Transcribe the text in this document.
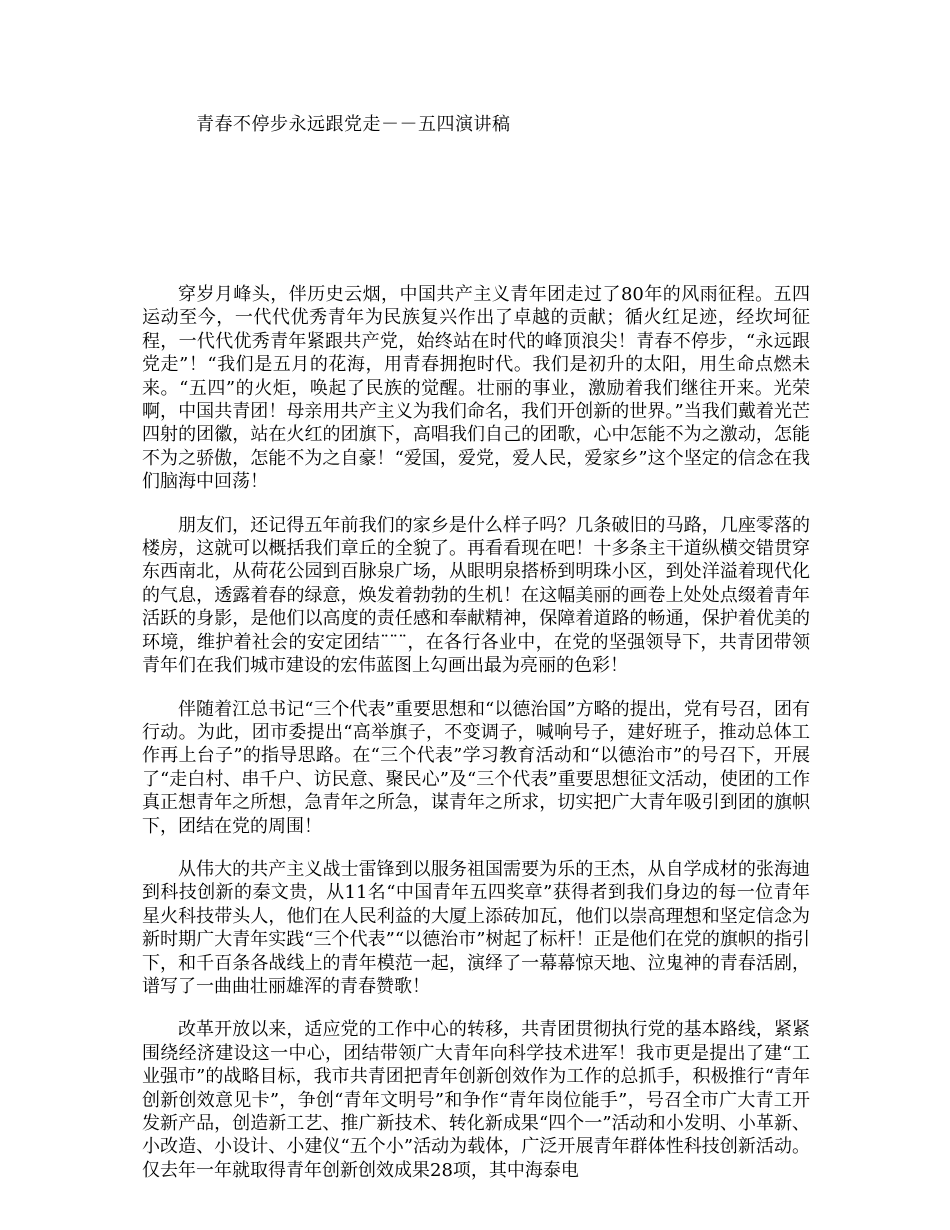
青春不停步永远跟党走－－五四演讲稿

穿岁月峰头，伴历史云烟，中国共产主义青年团走过了80年的风雨征程。五四运动至今，一代代优秀青年为民族复兴作出了卓越的贡献；循火红足迹，经坎坷征程，一代代优秀青年紧跟共产党，始终站在时代的峰顶浪尖！青春不停步，“永远跟党走”！“我们是五月的花海，用青春拥抱时代。我们是初升的太阳，用生命点燃未来。“五四”的火炬，唤起了民族的觉醒。壮丽的事业，激励着我们继往开来。光荣啊，中国共青团！母亲用共产主义为我们命名，我们开创新的世界。”当我们戴着光芒四射的团徽，站在火红的团旗下，高唱我们自己的团歌，心中怎能不为之激动，怎能不为之骄傲，怎能不为之自豪！“爱国，爱党，爱人民，爱家乡”这个坚定的信念在我们脑海中回荡！

朋友们，还记得五年前我们的家乡是什么样子吗？几条破旧的马路，几座零落的楼房，这就可以概括我们章丘的全貌了。再看看现在吧！十多条主干道纵横交错贯穿东西南北，从荷花公园到百脉泉广场，从眼明泉搭桥到明珠小区，到处洋溢着现代化的气息，透露着春的绿意，焕发着勃勃的生机！在这幅美丽的画卷上处处点缀着青年活跃的身影，是他们以高度的责任感和奉献精神，保障着道路的畅通，保护着优美的环境，维护着社会的安定团结¨¨¨，在各行各业中，在党的坚强领导下，共青团带领青年们在我们城市建设的宏伟蓝图上勾画出最为亮丽的色彩！

伴随着江总书记“三个代表”重要思想和“以德治国”方略的提出，党有号召，团有行动。为此，团市委提出“高举旗子，不变调子，喊响号子，建好班子，推动总体工作再上台子”的指导思路。在“三个代表”学习教育活动和“以德治市”的号召下，开展了“走白村、串千户、访民意、聚民心”及“三个代表”重要思想征文活动，使团的工作真正想青年之所想，急青年之所急，谋青年之所求，切实把广大青年吸引到团的旗帜下，团结在党的周围！

从伟大的共产主义战士雷锋到以服务祖国需要为乐的王杰，从自学成材的张海迪到科技创新的秦文贵，从11名“中国青年五四奖章”获得者到我们身边的每一位青年星火科技带头人，他们在人民利益的大厦上添砖加瓦，他们以崇高理想和坚定信念为新时期广大青年实践“三个代表”“以德治市”树起了标杆！正是他们在党的旗帜的指引下，和千百条各战线上的青年模范一起，演绎了一幕幕惊天地、泣鬼神的青春活剧，谱写了一曲曲壮丽雄浑的青春赞歌！

改革开放以来，适应党的工作中心的转移，共青团贯彻执行党的基本路线，紧紧围绕经济建设这一中心，团结带领广大青年向科学技术进军！我市更是提出了建“工业强市”的战略目标，我市共青团把青年创新创效作为工作的总抓手，积极推行“青年创新创效意见卡”，争创“青年文明号”和争作“青年岗位能手”，号召全市广大青工开发新产品，创造新工艺、推广新技术、转化新成果“四个一”活动和小发明、小革新、小改造、小设计、小建仪“五个小”活动为载体，广泛开展青年群体性科技创新活动。仅去年一年就取得青年创新创效成果28项，其中海泰电
